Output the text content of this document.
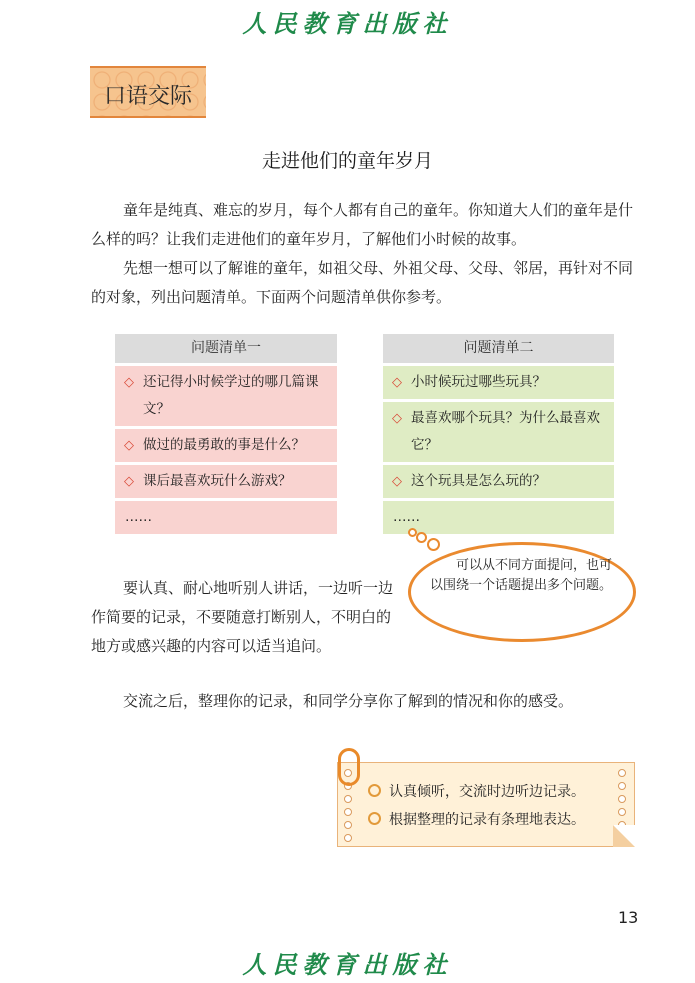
人民教育出版社
口语交际
走进他们的童年岁月

童年是纯真、难忘的岁月，每个人都有自己的童年。你知道大人们的童年是什么样的吗？让我们走进他们的童年岁月，了解他们小时候的故事。

先想一想可以了解谁的童年，如祖父母、外祖父母、父母、邻居，再针对不同的对象，列出问题清单。下面两个问题清单供你参考。

问题清单一
◇ 还记得小时候学过的哪几篇课文？
◇ 做过的最勇敢的事是什么？
◇ 课后最喜欢玩什么游戏？
……
问题清单二
◇ 小时候玩过哪些玩具？
◇ 最喜欢哪个玩具？为什么最喜欢它？
◇ 这个玩具是怎么玩的？
……
可以从不同方面提问，也可以围绕一个话题提出多个问题。

要认真、耐心地听别人讲话，一边听一边作简要的记录，不要随意打断别人，不明白的地方或感兴趣的内容可以适当追问。

交流之后，整理你的记录，和同学分享你了解到的情况和你的感受。

认真倾听，交流时边听边记录。
根据整理的记录有条理地表达。
13
人民教育出版社
